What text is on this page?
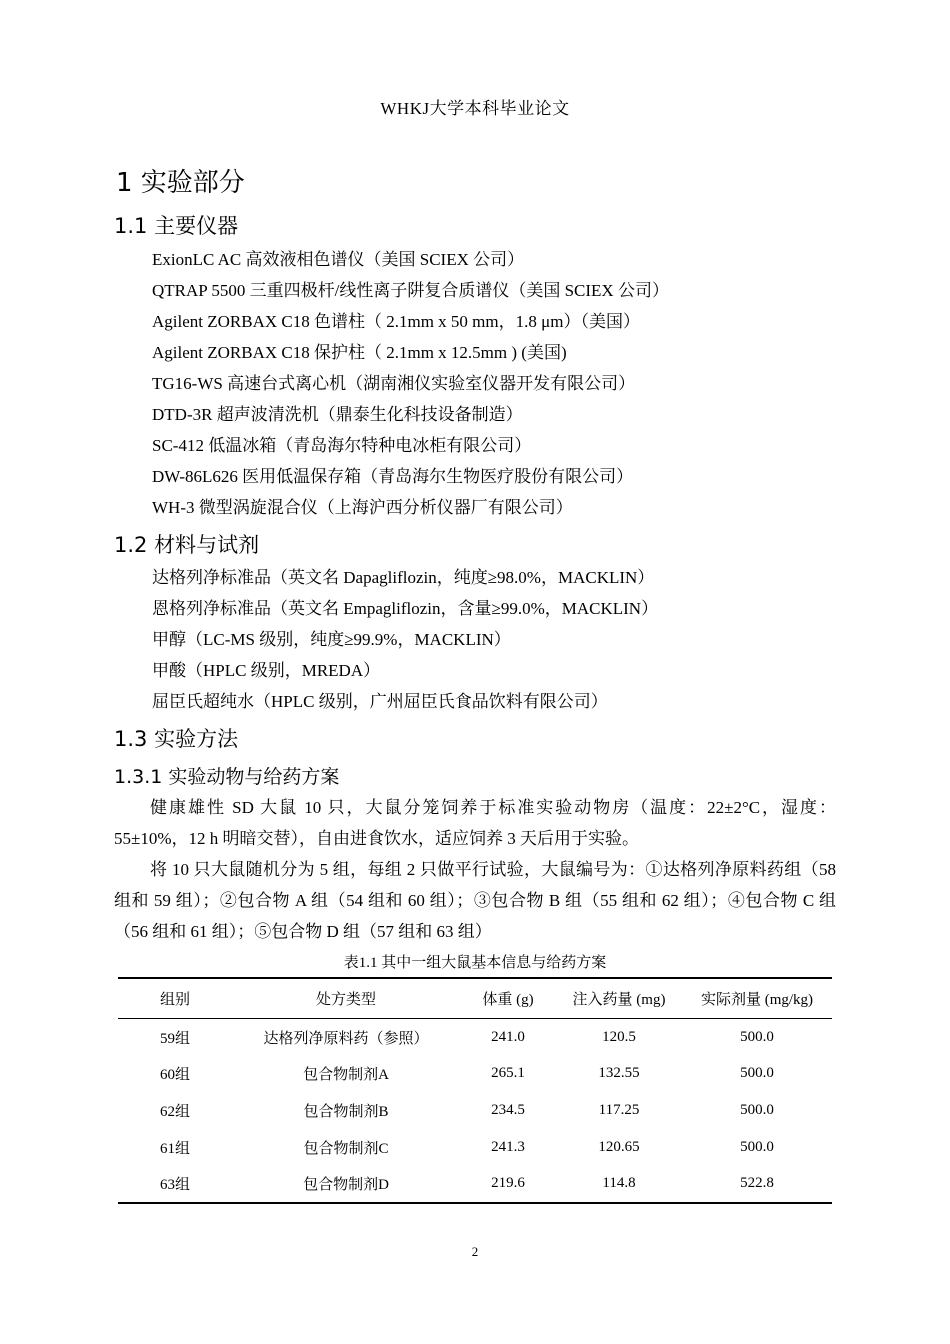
WHKJ大学本科毕业论文
1 实验部分
1.1 主要仪器
ExionLC AC 高效液相色谱仪（美国 SCIEX 公司）
QTRAP 5500 三重四极杆/线性离子阱复合质谱仪（美国 SCIEX 公司）
Agilent ZORBAX C18 色谱柱（ 2.1mm x 50 mm，1.8 μm）（美国）
Agilent ZORBAX C18 保护柱（ 2.1mm x 12.5mm ) (美国)
TG16-WS 高速台式离心机（湖南湘仪实验室仪器开发有限公司）
DTD-3R 超声波清洗机（鼎泰生化科技设备制造）
SC-412 低温冰箱（青岛海尔特种电冰柜有限公司）
DW-86L626 医用低温保存箱（青岛海尔生物医疗股份有限公司）
WH-3 微型涡旋混合仪（上海沪西分析仪器厂有限公司）
1.2 材料与试剂
达格列净标准品（英文名 Dapagliflozin，纯度≥98.0%，MACKLIN）
恩格列净标准品（英文名 Empagliflozin，含量≥99.0%，MACKLIN）
甲醇（LC-MS 级别，纯度≥99.9%，MACKLIN）
甲酸（HPLC 级别，MREDA）
屈臣氏超纯水（HPLC 级别，广州屈臣氏食品饮料有限公司）
1.3 实验方法
1.3.1 实验动物与给药方案
健康雄性 SD 大鼠 10 只，大鼠分笼饲养于标准实验动物房（温度：22±2°C，湿度：55±10%，12 h 明暗交替），自由进食饮水，适应饲养 3 天后用于实验。
将 10 只大鼠随机分为 5 组，每组 2 只做平行试验，大鼠编号为：①达格列净原料药组（58 组和 59 组）；②包合物 A 组（54 组和 60 组）；③包合物 B 组（55 组和 62 组）；④包合物 C 组（56 组和 61 组）；⑤包合物 D 组（57 组和 63 组）
表1.1 其中一组大鼠基本信息与给药方案
组别	处方类型	体重 (g)	注入药量 (mg)	实际剂量 (mg/kg)
59组	达格列净原料药（参照）	241.0	120.5	500.0
60组	包合物制剂A	265.1	132.55	500.0
62组	包合物制剂B	234.5	117.25	500.0
61组	包合物制剂C	241.3	120.65	500.0
63组	包合物制剂D	219.6	114.8	522.8
2
